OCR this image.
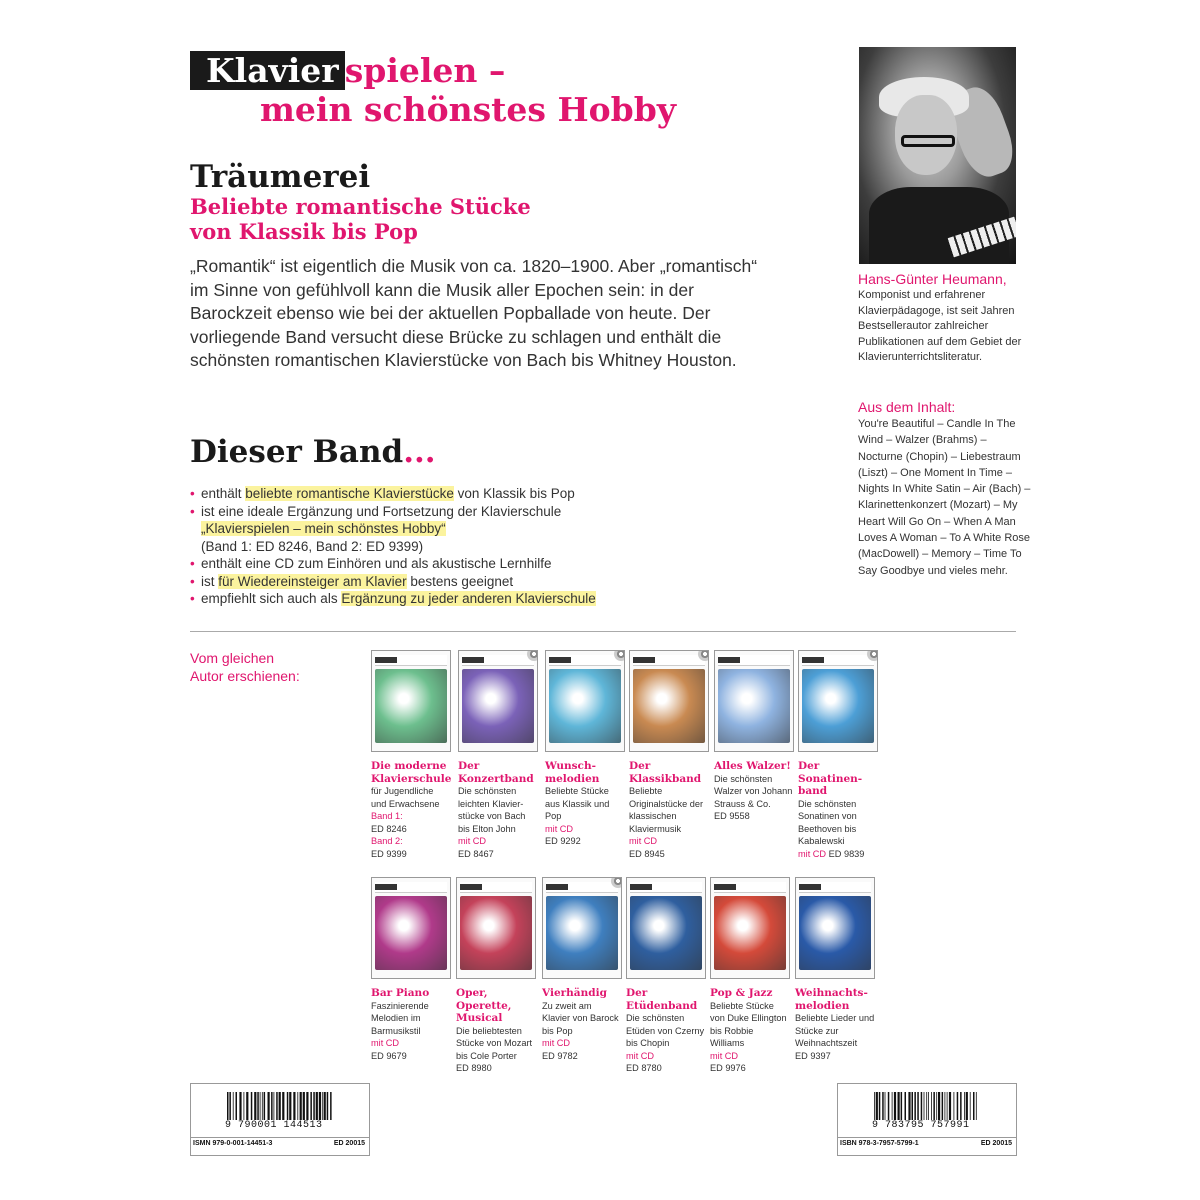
Klavier spielen –
mein schönstes Hobby
Träumerei
Beliebte romantische Stücke
von Klassik bis Pop

„Romantik“ ist eigentlich die Musik von ca. 1820–1900. Aber „romantisch“ im Sinne von gefühlvoll kann die Musik aller Epochen sein: in der Barockzeit ebenso wie bei der aktuellen Popballade von heute. Der vorliegende Band versucht diese Brücke zu schlagen und enthält die schönsten romantischen Klavierstücke von Bach bis Whitney Houston.

Dieser Band...
• enthält beliebte romantische Klavierstücke von Klassik bis Pop
• ist eine ideale Ergänzung und Fortsetzung der Klavierschule
„Klavierspielen – mein schönstes Hobby“
(Band 1: ED 8246, Band 2: ED 9399)
• enthält eine CD zum Einhören und als akustische Lernhilfe
• ist für Wiedereinsteiger am Klavier bestens geeignet
• empfiehlt sich auch als Ergänzung zu jeder anderen Klavierschule
Hans-Günter Heumann,
Komponist und erfahrener Klavierpädagoge, ist seit Jahren Bestsellerautor zahlreicher Publikationen auf dem Gebiet der Klavierunterrichtsliteratur.
Aus dem Inhalt:
You're Beautiful – Candle In The Wind – Walzer (Brahms) – Nocturne (Chopin) – Liebestraum (Liszt) – One Moment In Time – Nights In White Satin – Air (Bach) – Klarinettenkonzert (Mozart) – My Heart Will Go On – When A Man Loves A Woman – To A White Rose (MacDowell) – Memory – Time To Say Goodbye und vieles mehr.
Vom gleichen
Autor erschienen:
Die moderne Klavierschule
für Jugendliche und Erwachsene
Band 1:
ED 8246
Band 2:
ED 9399
Der Konzertband
Die schönsten leichten Klavier-stücke von Bach bis Elton John
mit CD
ED 8467
Wunsch-melodien
Beliebte Stücke aus Klassik und Pop
mit CD
ED 9292
Der Klassikband
Beliebte Originalstücke der klassischen Klaviermusik
mit CD
ED 8945
Alles Walzer!
Die schönsten Walzer von Johann Strauss & Co.
ED 9558
Der Sonatinen-band
Die schönsten Sonatinen von Beethoven bis Kabalewski
mit CD ED 9839
Bar Piano
Faszinierende Melodien im Barmusikstil
mit CD
ED 9679
Oper, Operette, Musical
Die beliebtesten Stücke von Mozart bis Cole Porter
ED 8980
Vierhändig
Zu zweit am Klavier von Barock bis Pop
mit CD
ED 9782
Der Etüdenband
Die schönsten Etüden von Czerny bis Chopin
mit CD
ED 8780
Pop & Jazz
Beliebte Stücke von Duke Ellington bis Robbie Williams
mit CD
ED 9976
Weihnachts-melodien
Beliebte Lieder und Stücke zur Weihnachtszeit
ED 9397
9 790001 144513
ISMN 979-0-001-14451-3	ED 20015
9 783795 757991
ISBN 978-3-7957-5799-1	ED 20015
